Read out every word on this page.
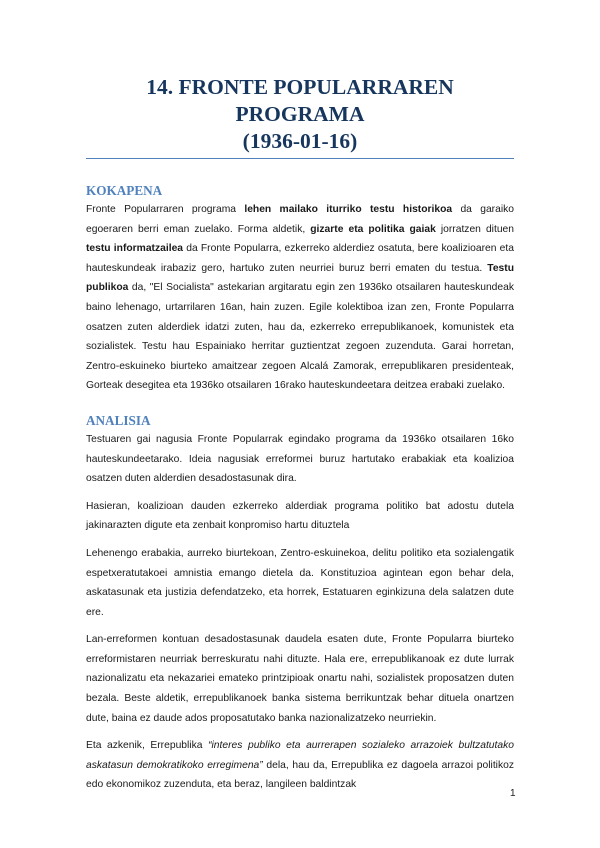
14. FRONTE POPULARRAREN PROGRAMA
(1936-01-16)
KOKAPENA

Fronte Popularraren programa lehen mailako iturriko testu historikoa da garaiko egoeraren berri eman zuelako. Forma aldetik, gizarte eta politika gaiak jorratzen dituen testu informatzailea da Fronte Popularra, ezkerreko alderdiez osatuta, bere koalizioaren eta hauteskundeak irabaziz gero, hartuko zuten neurriei buruz berri ematen du testua. Testu publikoa da, "El Socialista" astekarian argitaratu egin zen 1936ko otsailaren hauteskundeak baino lehenago, urtarrilaren 16an, hain zuzen. Egile kolektiboa izan zen, Fronte Popularra osatzen zuten alderdiek idatzi zuten, hau da, ezkerreko errepublikanoek, komunistek eta sozialistek. Testu hau Espainiako herritar guztientzat zegoen zuzenduta. Garai horretan, Zentro-eskuineko biurteko amaitzear zegoen Alcalá Zamorak, errepublikaren presidenteak, Gorteak desegitea eta 1936ko otsailaren 16rako hauteskundeetara deitzea erabaki zuelako.

ANALISIA

Testuaren gai nagusia Fronte Popularrak egindako programa da 1936ko otsailaren 16ko hauteskundeetarako. Ideia nagusiak erreformei buruz hartutako erabakiak eta koalizioa osatzen duten alderdien desadostasunak dira.

Hasieran, koalizioan dauden ezkerreko alderdiak programa politiko bat adostu dutela jakinarazten digute eta zenbait konpromiso hartu dituztela

Lehenengo erabakia, aurreko biurtekoan, Zentro-eskuinekoa, delitu politiko eta sozialengatik espetxeratutakoei amnistia emango dietela da. Konstituzioa agintean egon behar dela, askatasunak eta justizia defendatzeko, eta horrek, Estatuaren eginkizuna dela salatzen dute ere.

Lan-erreformen kontuan desadostasunak daudela esaten dute, Fronte Popularra biurteko erreformistaren neurriak berreskuratu nahi dituzte. Hala ere, errepublikanoak ez dute lurrak nazionalizatu eta nekazariei emateko printzipioak onartu nahi, sozialistek proposatzen duten bezala. Beste aldetik, errepublikanoek banka sistema berrikuntzak behar dituela onartzen dute, baina ez daude ados proposatutako banka nazionalizatzeko neurriekin.

Eta azkenik, Errepublika “interes publiko eta aurrerapen sozialeko arrazoiek bultzatutako askatasun demokratikoko erregimena” dela, hau da, Errepublika ez dagoela arrazoi politikoz edo ekonomikoz zuzenduta, eta beraz, langileen baldintzak

1
